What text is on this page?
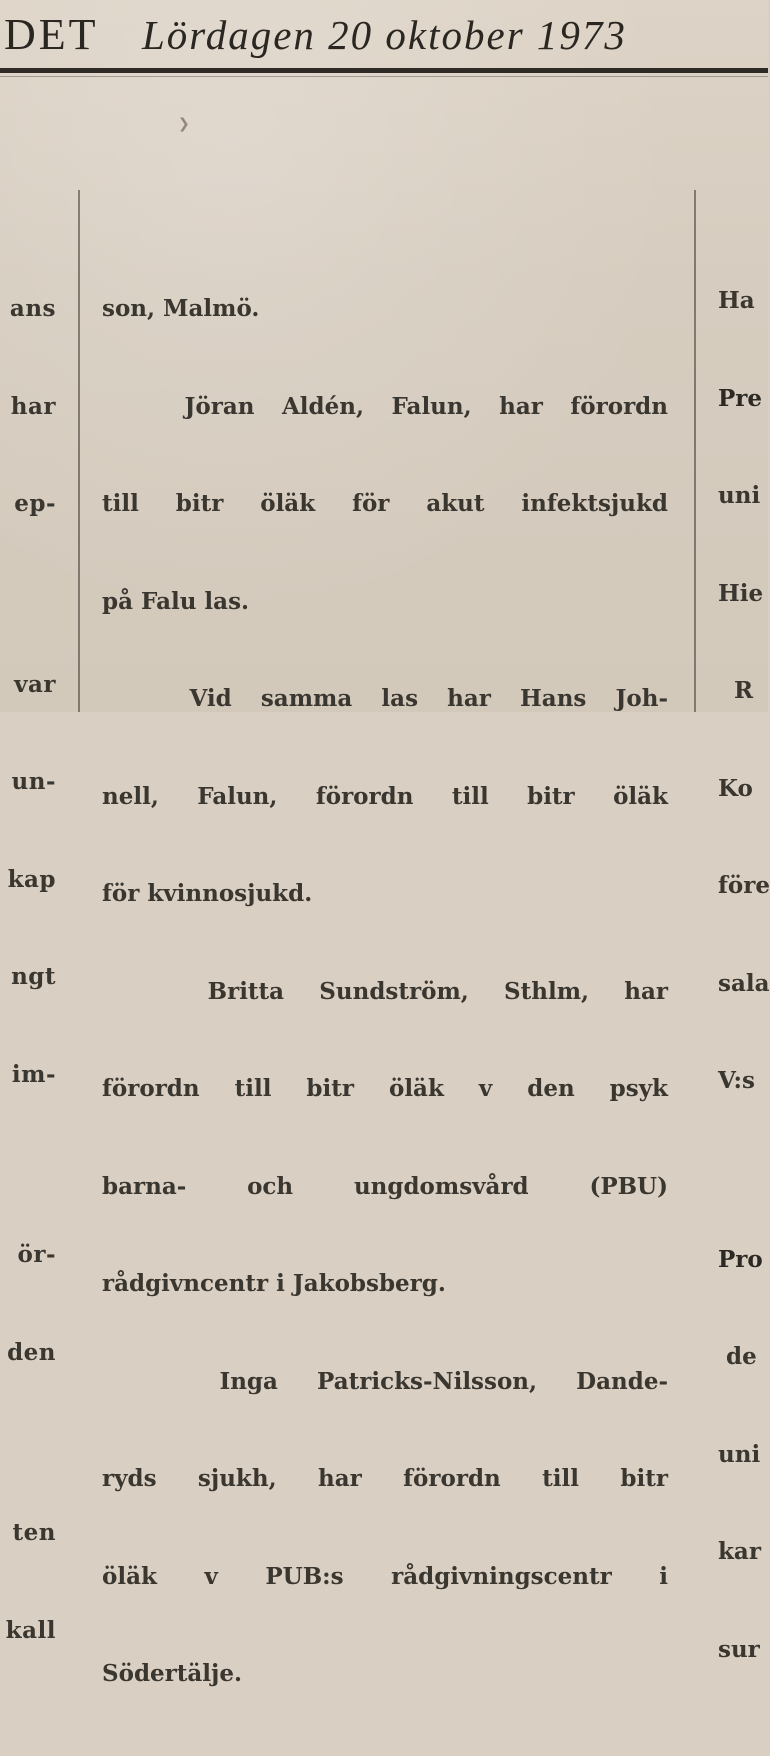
DET Lördagen 20 oktober 1973
❯

ans

har

ep-

var

un-

kap

ngt

im-

ör-

den

ten

kall

son, Malmö.

Jöran Aldén, Falun, har förordn

till bitr öläk för akut infektsjukd

på Falu las.

Vid samma las har Hans Joh-

nell, Falun, förordn till bitr öläk

för kvinnosjukd.

Britta Sundström, Sthlm, har

förordn till bitr öläk v den psyk

barna- och ungdomsvård (PBU)

rådgivncentr i Jakobsberg.

Inga Patricks-Nilsson, Dande-

ryds sjukh, har förordn till bitr

öläk v PUB:s rådgivningscentr i

Södertälje.

Ha

Pre

uni

Hie

R

Ko

före

sala

V:s

Pro

de

uni

kar

sur
